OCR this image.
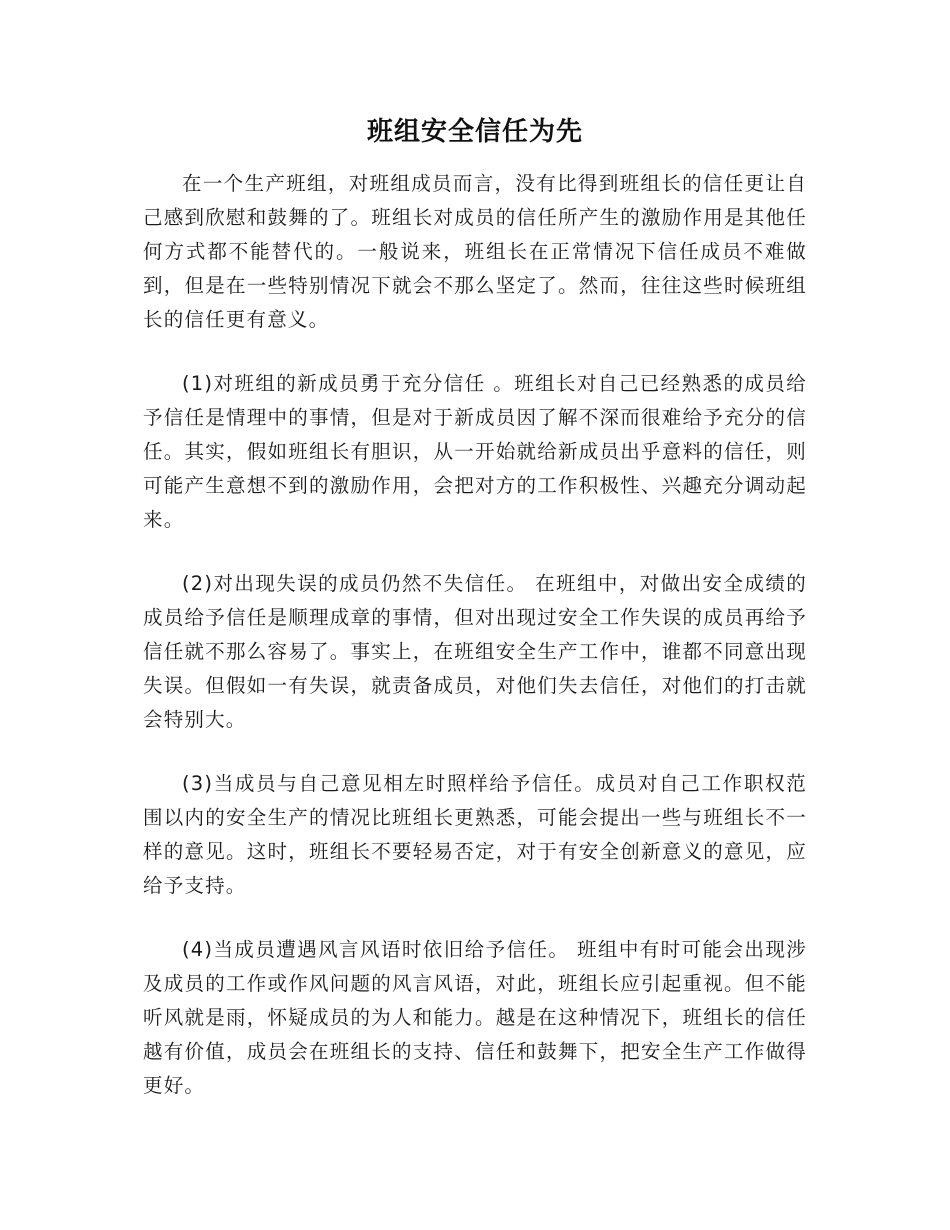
班组安全信任为先

在一个生产班组，对班组成员而言，没有比得到班组长的信任更让自己感到欣慰和鼓舞的了。班组长对成员的信任所产生的激励作用是其他任何方式都不能替代的。一般说来，班组长在正常情况下信任成员不难做到，但是在一些特别情况下就会不那么坚定了。然而，往往这些时候班组长的信任更有意义。

(1)对班组的新成员勇于充分信任 。班组长对自己已经熟悉的成员给予信任是情理中的事情，但是对于新成员因了解不深而很难给予充分的信任。其实，假如班组长有胆识，从一开始就给新成员出乎意料的信任，则可能产生意想不到的激励作用，会把对方的工作积极性、兴趣充分调动起来。

(2)对出现失误的成员仍然不失信任。 在班组中，对做出安全成绩的成员给予信任是顺理成章的事情，但对出现过安全工作失误的成员再给予信任就不那么容易了。事实上，在班组安全生产工作中，谁都不同意出现失误。但假如一有失误，就责备成员，对他们失去信任，对他们的打击就会特别大。

(3)当成员与自己意见相左时照样给予信任。成员对自己工作职权范围以内的安全生产的情况比班组长更熟悉，可能会提出一些与班组长不一样的意见。这时，班组长不要轻易否定，对于有安全创新意义的意见，应给予支持。

(4)当成员遭遇风言风语时依旧给予信任。 班组中有时可能会出现涉及成员的工作或作风问题的风言风语，对此，班组长应引起重视。但不能听风就是雨，怀疑成员的为人和能力。越是在这种情况下，班组长的信任越有价值，成员会在班组长的支持、信任和鼓舞下，把安全生产工作做得更好。
